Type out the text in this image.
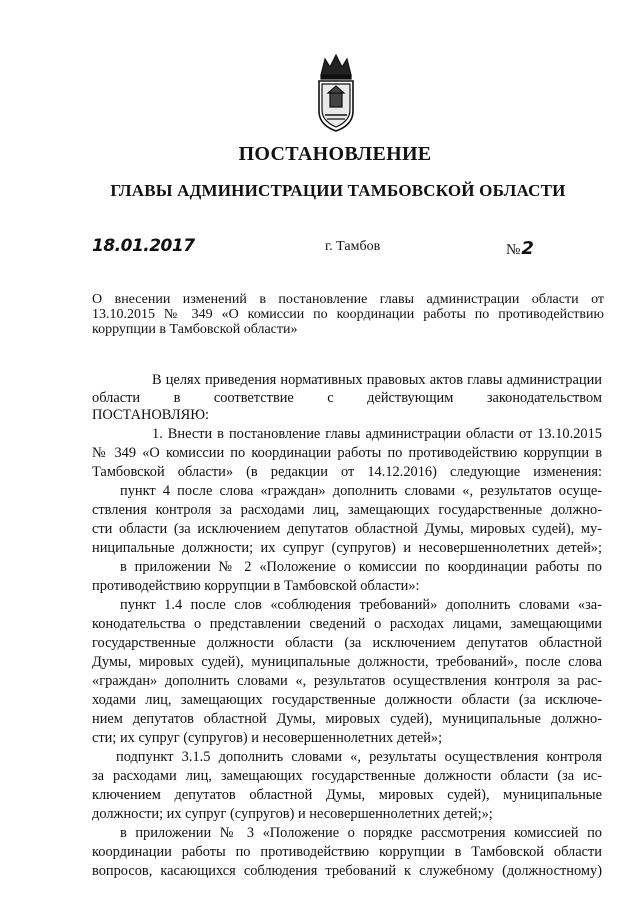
ПОСТАНОВЛЕНИЕ
ГЛАВЫ АДМИНИСТРАЦИИ ТАМБОВСКОЙ ОБЛАСТИ
18.01.2017	г. Тамбов	№2
О внесении изменений в постановление главы администрации области от
13.10.2015 № 349 «О комиссии по координации работы по противодействию
коррупции в Тамбовской области»
В целях приведения нормативных правовых актов главы администрации
области в соответствие с действующим законодательством
ПОСТАНОВЛЯЮ:
1. Внести в постановление главы администрации области от 13.10.2015
№ 349 «О комиссии по координации работы по противодействию коррупции в
Тамбовской области» (в редакции от 14.12.2016) следующие изменения:
пункт 4 после слова «граждан» дополнить словами «, результатов осуще-
ствления контроля за расходами лиц, замещающих государственные должно-
сти области (за исключением депутатов областной Думы, мировых судей), му-
ниципальные должности; их супруг (супругов) и несовершеннолетних детей»;
в приложении № 2 «Положение о комиссии по координации работы по
противодействию коррупции в Тамбовской области»:
пункт 1.4 после слов «соблюдения требований» дополнить словами «за-
конодательства о представлении сведений о расходах лицами, замещающими
государственные должности области (за исключением депутатов областной
Думы, мировых судей), муниципальные должности, требований», после слова
«граждан» дополнить словами «, результатов осуществления контроля за рас-
ходами лиц, замещающих государственные должности области (за исключе-
нием депутатов областной Думы, мировых судей), муниципальные должно-
сти; их супруг (супругов) и несовершеннолетних детей»;
подпункт 3.1.5 дополнить словами «, результаты осуществления контроля
за расходами лиц, замещающих государственные должности области (за ис-
ключением депутатов областной Думы, мировых судей), муниципальные
должности; их супруг (супругов) и несовершеннолетних детей;»;
в приложении № 3 «Положение о порядке рассмотрения комиссией по
координации работы по противодействию коррупции в Тамбовской области
вопросов, касающихся соблюдения требований к служебному (должностному)
